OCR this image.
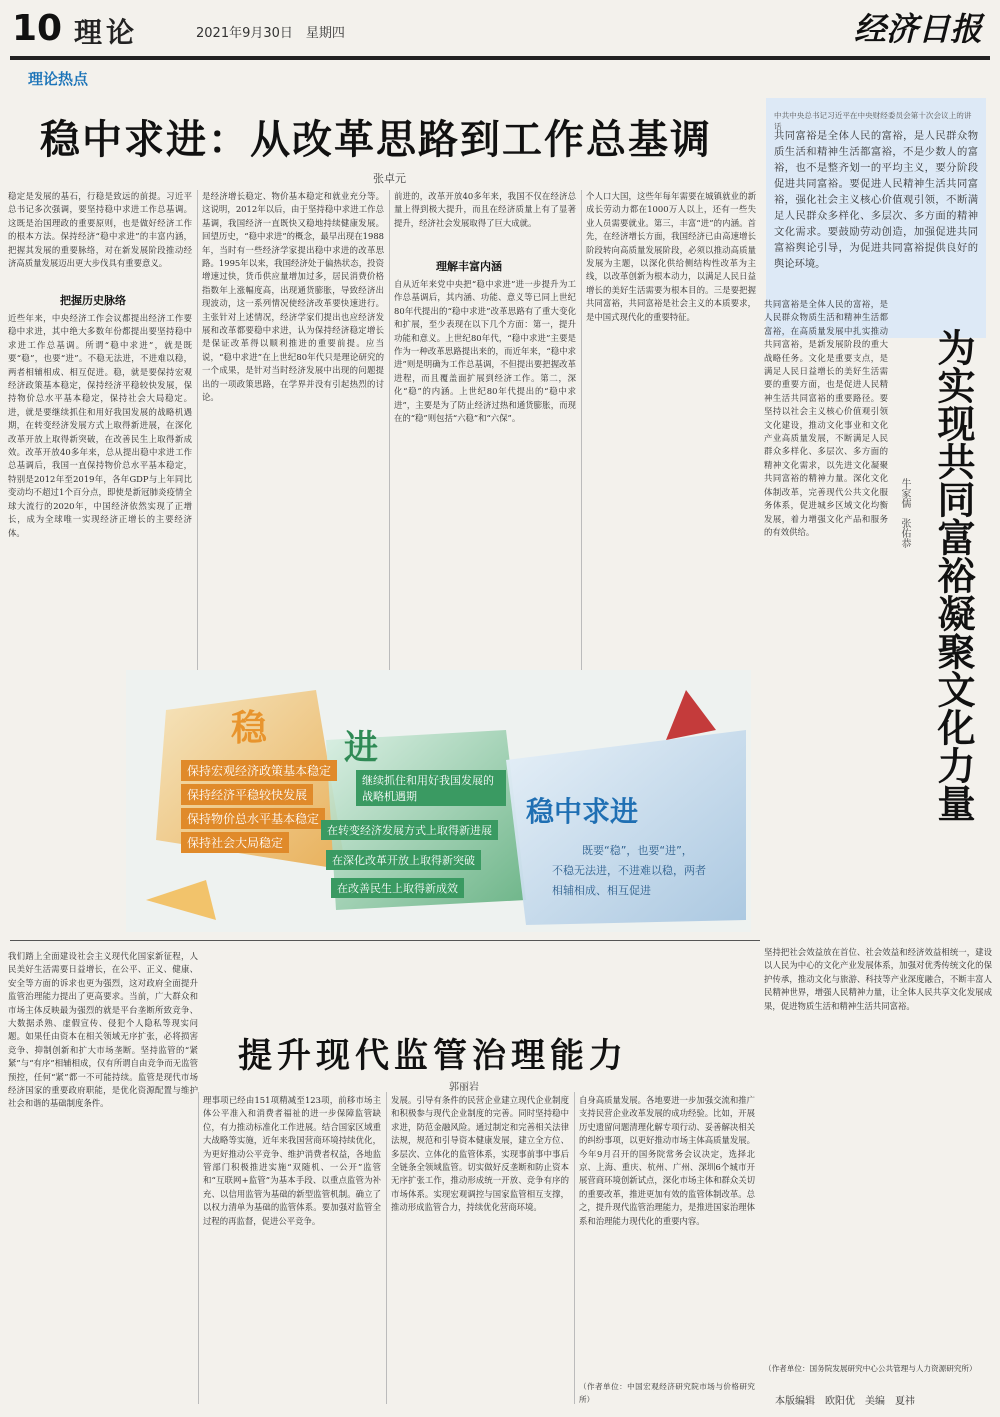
10 理论	2021年9月30日　星期四	经济日报
理论热点
稳中求进：从改革思路到工作总基调
张卓元
稳定是发展的基石，行稳是致远的前提。习近平总书记多次强调，要坚持稳中求进工作总基调。这既是治国理政的重要原则，也是做好经济工作的根本方法。保持经济“稳中求进”的丰富内涵，把握其发展的重要脉络，对在新发展阶段推动经济高质量发展迈出更大步伐具有重要意义。
把握历史脉络
近些年来，中央经济工作会议都提出经济工作要稳中求进，其中绝大多数年份都提出要坚持稳中求进工作总基调。所谓“稳中求进”，就是既要“稳”，也要“进”。不稳无法进，不进难以稳，两者相辅相成、相互促进。稳，就是要保持宏观经济政策基本稳定，保持经济平稳较快发展，保持物价总水平基本稳定，保持社会大局稳定。进，就是要继续抓住和用好我国发展的战略机遇期，在转变经济发展方式上取得新进展，在深化改革开放上取得新突破，在改善民生上取得新成效。改革开放40多年来，总从提出稳中求进工作总基调后，我国一直保持物价总水平基本稳定，特别是2012年至2019年，各年GDP与上年同比变动均不超过1个百分点，即使是新冠肺炎疫情全球大流行的2020年，中国经济依然实现了正增长，成为全球唯一实现经济正增长的主要经济体。
是经济增长稳定、物价基本稳定和就业充分等。这说明，2012年以后，由于坚持稳中求进工作总基调，我国经济一直既快又稳地持续健康发展。回望历史，“稳中求进”的概念，最早出现在1988年，当时有一些经济学家提出稳中求进的改革思路。1995年以来，我国经济处于偏热状态，投资增速过快，货币供应量增加过多，居民消费价格指数年上涨幅度高，出现通货膨胀，导致经济出现波动，这一系列情况使经济改革要快速进行。主张针对上述情况，经济学家们提出也应经济发展和改革都要稳中求进，认为保持经济稳定增长是保证改革得以顺利推进的重要前提。应当说，“稳中求进”在上世纪80年代只是理论研究的一个成果，是针对当时经济发展中出现的问题提出的一项政策思路，在学界并没有引起热烈的讨论。
前进的，改革开放40多年来，我国不仅在经济总量上得到极大提升，而且在经济质量上有了显著提升，经济社会发展取得了巨大成就。
理解丰富内涵
自从近年来党中央把“稳中求进”进一步提升为工作总基调后，其内涵、功能、意义等已同上世纪80年代提出的“稳中求进”改革思路有了重大变化和扩展，至少表现在以下几个方面：第一，提升功能和意义。上世纪80年代，“稳中求进”主要是作为一种改革思路提出来的，而近年来，“稳中求进”则是明确为工作总基调，不但提出要把握改革进程，而且覆盖面扩展到经济工作。第二，深化“稳”的内涵。上世纪80年代提出的“稳中求进”，主要是为了防止经济过热和通货膨胀，而现在的“稳”则包括“六稳”和“六保”。
个人口大国，这些年每年需要在城镇就业的新成长劳动力都在1000万人以上，还有一些失业人员需要就业。第三，丰富“进”的内涵。首先，在经济增长方面，我国经济已由高速增长阶段转向高质量发展阶段，必须以推动高质量发展为主题，以深化供给侧结构性改革为主线，以改革创新为根本动力，以满足人民日益增长的美好生活需要为根本目的。三是要把握共同富裕，共同富裕是社会主义的本质要求，是中国式现代化的重要特征。
稳
保持宏观经济政策基本稳定
保持经济平稳较快发展
保持物价总水平基本稳定
保持社会大局稳定
进
继续抓住和用好我国发展的战略机遇期
在转变经济发展方式上取得新进展
在深化改革开放上取得新突破
在改善民生上取得新成效
稳中求进
既要“稳”，也要“进”，
不稳无法进，不进难以稳，两者
相辅相成、相互促进
我们踏上全面建设社会主义现代化国家新征程，人民美好生活需要日益增长，在公平、正义、健康、安全等方面的诉求也更为强烈，这对政府全面提升监管治理能力提出了更高要求。当前，广大群众和市场主体反映最为强烈的就是平台垄断所致竞争、大数据杀熟、虚假宣传、侵犯个人隐私等现实问题。如果任由资本在相关领域无序扩张，必将损害竞争、抑制创新和扩大市场垄断。坚持监管的“紧紧”与“有序”相辅相成，仅有所谓自由竞争而无监管预控，任何“紧”都一不可能持续。监管是现代市场经济国家的重要政府职能，是优化资源配置与维护社会和谐的基础制度条件。
提升现代监管治理能力
郭丽岩
理事项已经由151项精减至123项，前移市场主体公平准入和消费者福祉的进一步保障监管缺位，有力推动标准化工作进展。结合国家区域重大战略等实施，近年来我国营商环境持续优化，为更好推动公平竞争、维护消费者权益，各地监管部门积极推进实施“双随机、一公开”监管和“互联网+监管”为基本手段、以重点监管为补充、以信用监管为基础的新型监管机制。确立了以权力清单为基础的监管体系。要加强对监管全过程的再监督，促进公平竞争。
发展。引导有条件的民营企业建立现代企业制度和积极参与现代企业制度的完善。同时坚持稳中求进，防范金融风险。通过制定和完善相关法律法规，规范和引导资本健康发展，建立全方位、多层次、立体化的监管体系，实现事前事中事后全链条全领域监管。切实做好反垄断和防止资本无序扩张工作，推动形成统一开放、竞争有序的市场体系。实现宏观调控与国家监管相互支撑，推动形成监管合力，持续优化营商环境。
自身高质量发展。各地要进一步加强交流和推广支持民营企业改革发展的成功经验。比如，开展历史遗留问题清理化解专项行动、妥善解决相关的纠纷事项，以更好推动市场主体高质量发展。今年9月召开的国务院常务会议决定，选择北京、上海、重庆、杭州、广州、深圳6个城市开展营商环境创新试点，深化市场主体和群众关切的重要改革，推进更加有效的监管体制改革。总之，提升现代监管治理能力，是推进国家治理体系和治理能力现代化的重要内容。
（作者单位：中国宏观经济研究院市场与价格研究所）
中共中央总书记习近平在中央财经委员会第十次会议上的讲话
共同富裕是全体人民的富裕，是人民群众物质生活和精神生活都富裕，不是少数人的富裕，也不是整齐划一的平均主义，要分阶段促进共同富裕。要促进人民精神生活共同富裕，强化社会主义核心价值观引领，不断满足人民群众多样化、多层次、多方面的精神文化需求。要鼓励劳动创造，加强促进共同富裕舆论引导，为促进共同富裕提供良好的舆论环境。
为实现共同富裕凝聚文化力量
牛家儒　张佑恭
共同富裕是全体人民的富裕，是人民群众物质生活和精神生活都富裕，在高质量发展中扎实推动共同富裕，是新发展阶段的重大战略任务。文化是重要支点，是满足人民日益增长的美好生活需要的重要方面，也是促进人民精神生活共同富裕的重要路径。要坚持以社会主义核心价值观引领文化建设，推动文化事业和文化产业高质量发展，不断满足人民群众多样化、多层次、多方面的精神文化需求，以先进文化凝聚共同富裕的精神力量。深化文化体制改革，完善现代公共文化服务体系，促进城乡区域文化均衡发展，着力增强文化产品和服务的有效供给。
坚持把社会效益放在首位、社会效益和经济效益相统一，建设以人民为中心的文化产业发展体系，加强对优秀传统文化的保护传承，推动文化与旅游、科技等产业深度融合，不断丰富人民精神世界，增强人民精神力量，让全体人民共享文化发展成果，促进物质生活和精神生活共同富裕。
（作者单位：国务院发展研究中心公共管理与人力资源研究所）
本版编辑　欧阳优　美编　夏祎
